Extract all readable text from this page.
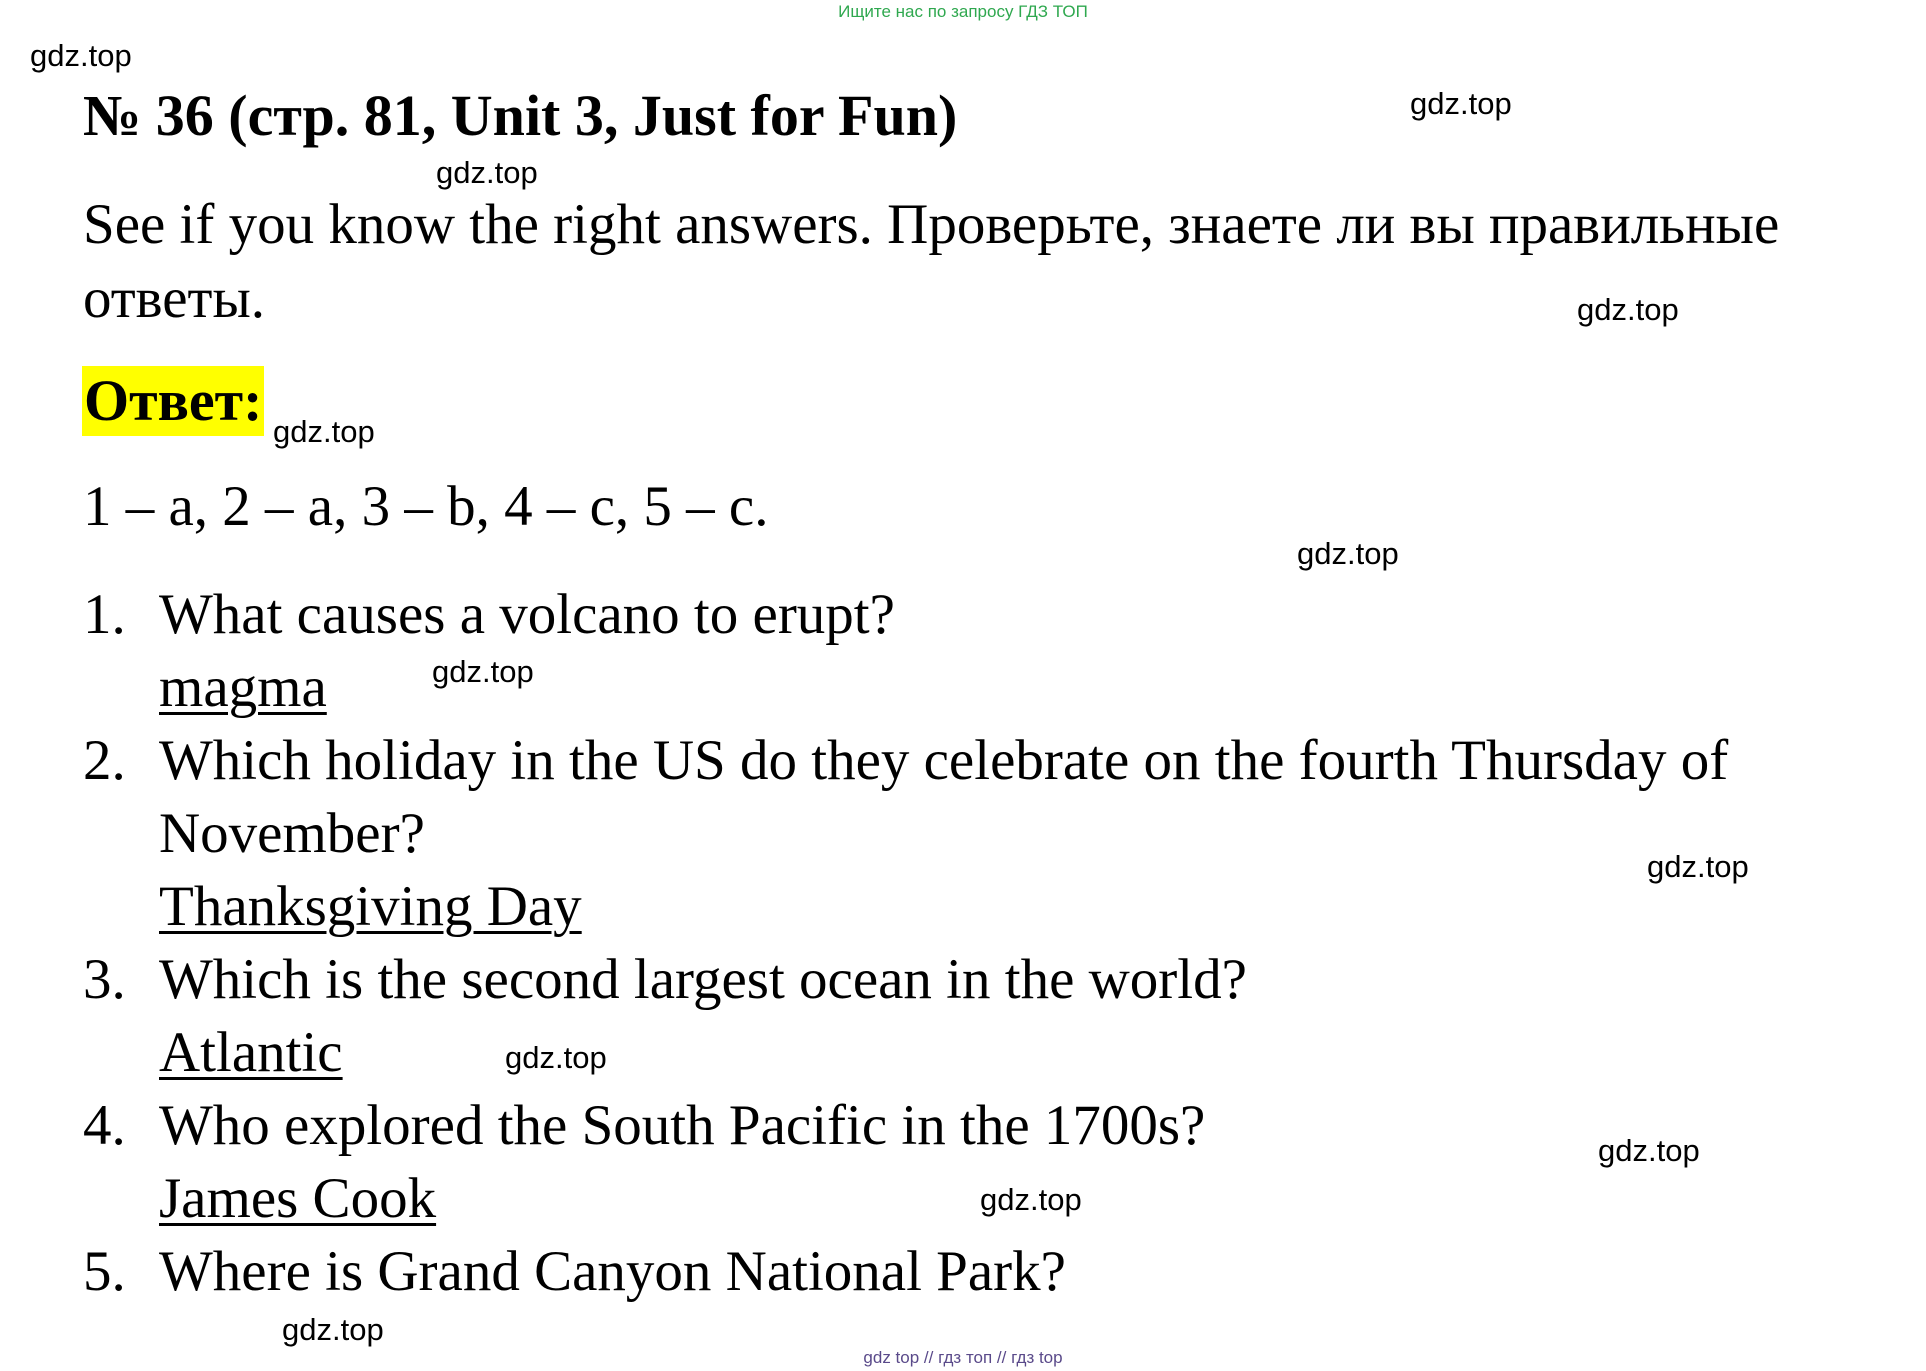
Ищите нас по запросу ГДЗ ТОП
gdz.top
gdz.top
gdz.top
gdz.top
gdz.top
gdz.top
gdz.top
gdz.top
gdz.top
gdz.top
gdz.top
gdz.top
№ 36 (стр. 81, Unit 3, Just for Fun)
See if you know the right answers. Проверьте, знаете ли вы правильные ответы.
Ответ:
1 – a, 2 – a, 3 – b, 4 – c, 5 – c.
1. What causes a volcano to erupt?
magma
2. Which holiday in the US do they celebrate on the fourth Thursday of November?
Thanksgiving Day
3. Which is the second largest ocean in the world?
Atlantic
4. Who explored the South Pacific in the 1700s?
James Cook
5. Where is Grand Canyon National Park?
gdz top // гдз топ // гдз top
